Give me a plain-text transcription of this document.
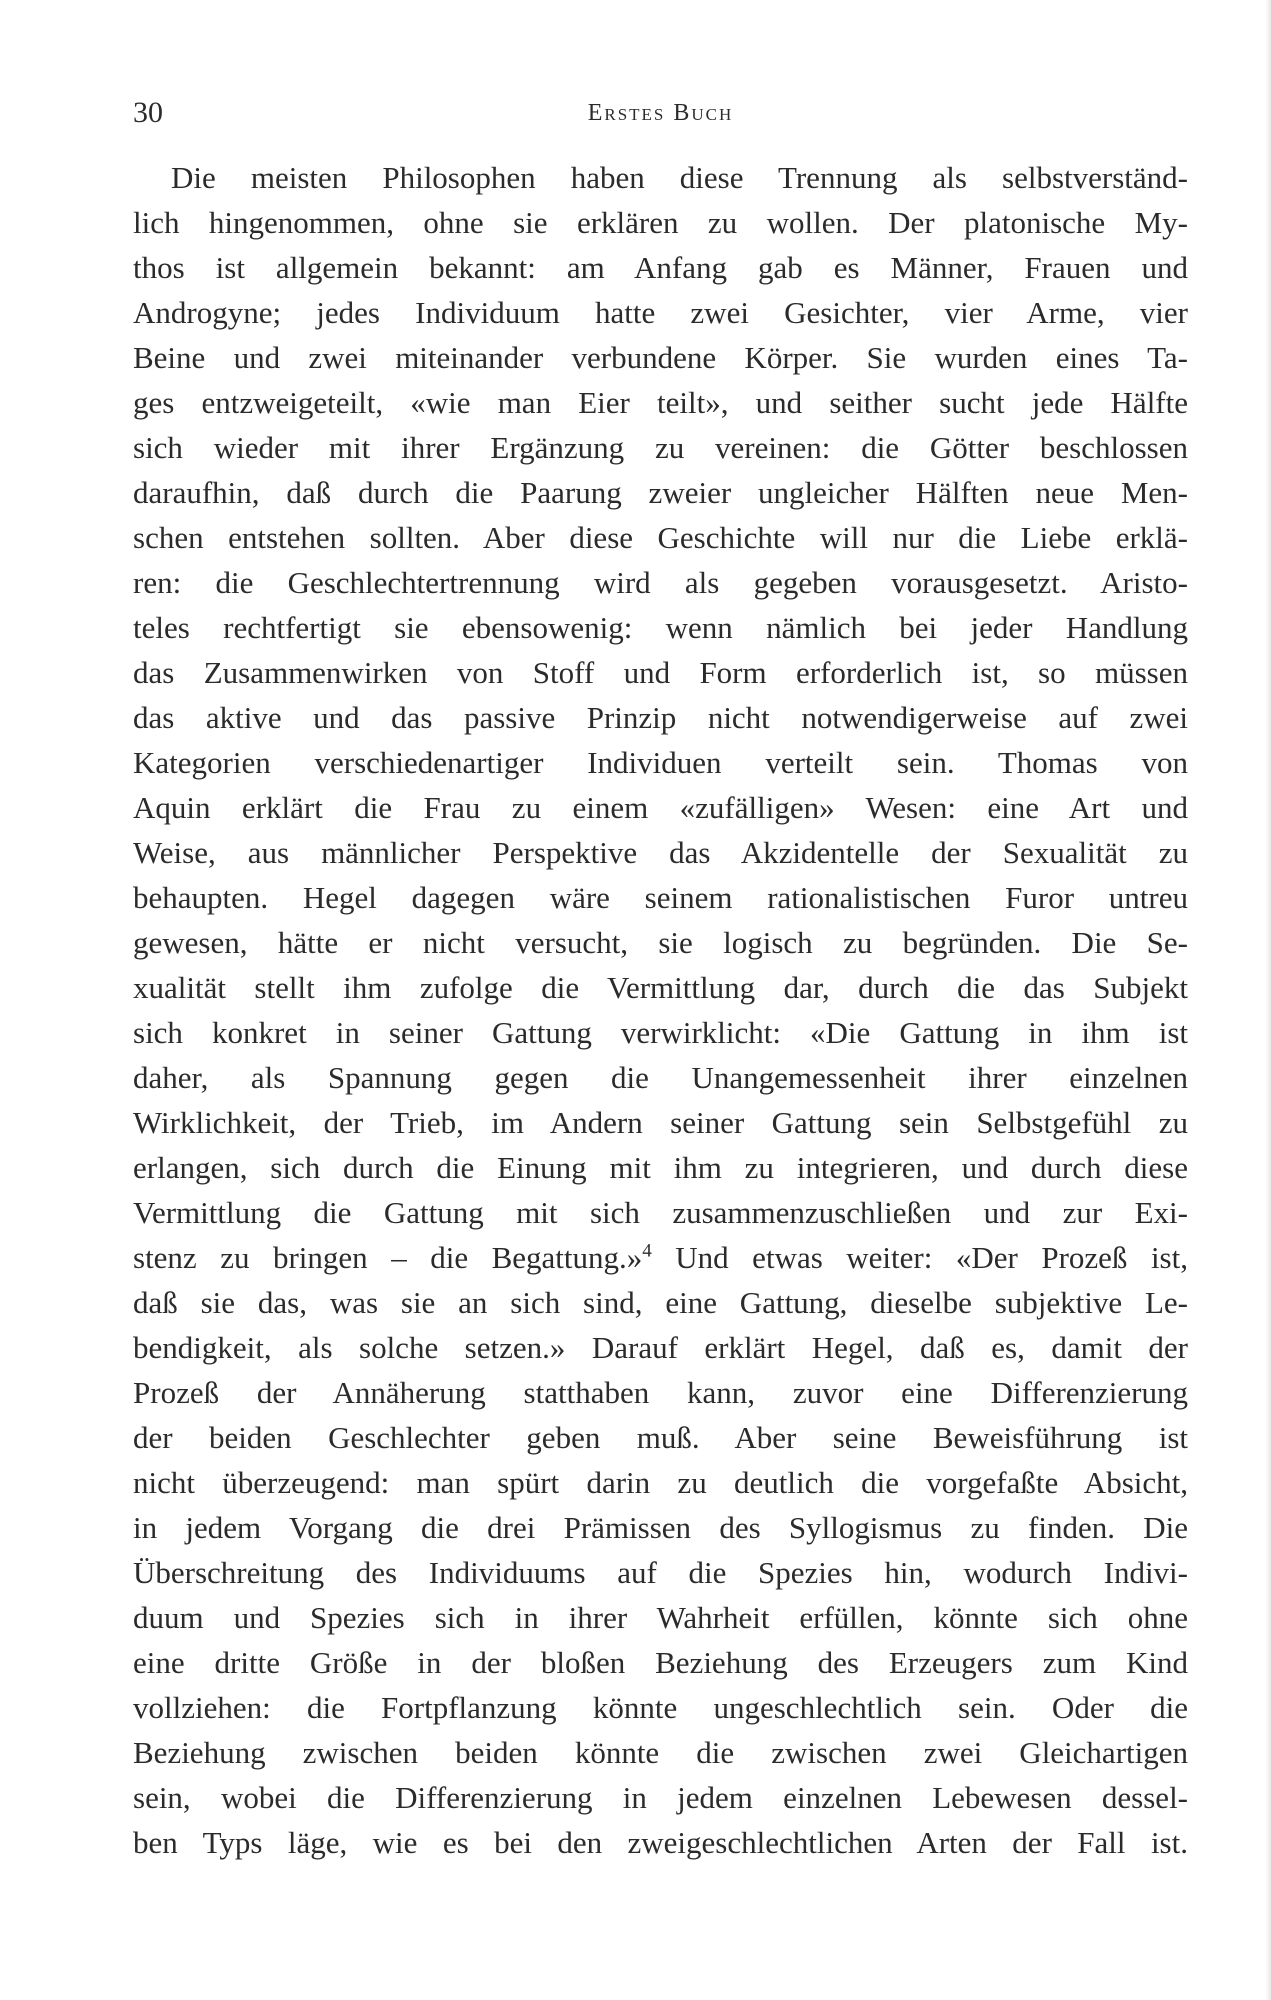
30	Erstes Buch
Die meisten Philosophen haben diese Trennung als selbstverständ-
lich hingenommen, ohne sie erklären zu wollen. Der platonische My-
thos ist allgemein bekannt: am Anfang gab es Männer, Frauen und
Androgyne; jedes Individuum hatte zwei Gesichter, vier Arme, vier
Beine und zwei miteinander verbundene Körper. Sie wurden eines Ta-
ges entzweigeteilt, «wie man Eier teilt», und seither sucht jede Hälfte
sich wieder mit ihrer Ergänzung zu vereinen: die Götter beschlossen
daraufhin, daß durch die Paarung zweier ungleicher Hälften neue Men-
schen entstehen sollten. Aber diese Geschichte will nur die Liebe erklä-
ren: die Geschlechtertrennung wird als gegeben vorausgesetzt. Aristo-
teles rechtfertigt sie ebensowenig: wenn nämlich bei jeder Handlung
das Zusammenwirken von Stoff und Form erforderlich ist, so müssen
das aktive und das passive Prinzip nicht notwendigerweise auf zwei
Kategorien verschiedenartiger Individuen verteilt sein. Thomas von
Aquin erklärt die Frau zu einem «zufälligen» Wesen: eine Art und
Weise, aus männlicher Perspektive das Akzidentelle der Sexualität zu
behaupten. Hegel dagegen wäre seinem rationalistischen Furor untreu
gewesen, hätte er nicht versucht, sie logisch zu begründen. Die Se-
xualität stellt ihm zufolge die Vermittlung dar, durch die das Subjekt
sich konkret in seiner Gattung verwirklicht: «Die Gattung in ihm ist
daher, als Spannung gegen die Unangemessenheit ihrer einzelnen
Wirklichkeit, der Trieb, im Andern seiner Gattung sein Selbstgefühl zu
erlangen, sich durch die Einung mit ihm zu integrieren, und durch diese
Vermittlung die Gattung mit sich zusammenzuschließen und zur Exi-
stenz zu bringen – die Begattung.»$^4$ Und etwas weiter: «Der Prozeß ist,
daß sie das, was sie an sich sind, eine Gattung, dieselbe subjektive Le-
bendigkeit, als solche setzen.» Darauf erklärt Hegel, daß es, damit der
Prozeß der Annäherung statthaben kann, zuvor eine Differenzierung
der beiden Geschlechter geben muß. Aber seine Beweisführung ist
nicht überzeugend: man spürt darin zu deutlich die vorgefaßte Absicht,
in jedem Vorgang die drei Prämissen des Syllogismus zu finden. Die
Überschreitung des Individuums auf die Spezies hin, wodurch Indivi-
duum und Spezies sich in ihrer Wahrheit erfüllen, könnte sich ohne
eine dritte Größe in der bloßen Beziehung des Erzeugers zum Kind
vollziehen: die Fortpflanzung könnte ungeschlechtlich sein. Oder die
Beziehung zwischen beiden könnte die zwischen zwei Gleichartigen
sein, wobei die Differenzierung in jedem einzelnen Lebewesen dessel-
ben Typs läge, wie es bei den zweigeschlechtlichen Arten der Fall ist.
